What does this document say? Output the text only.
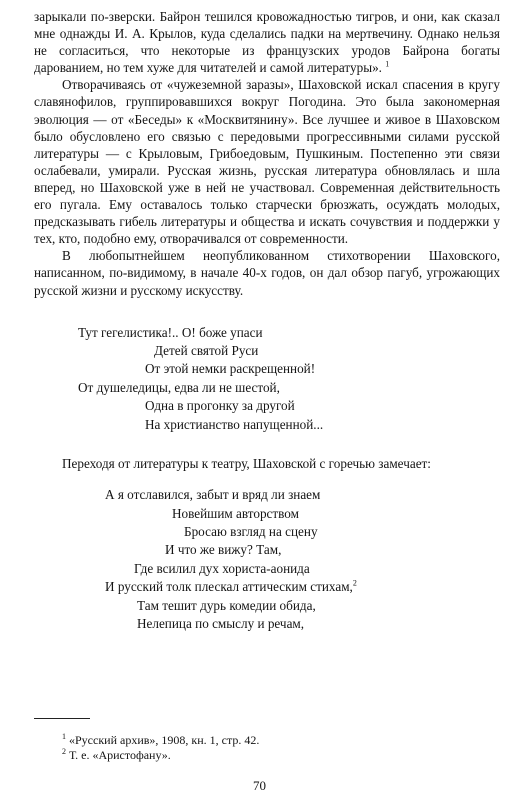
зарыкали по-зверски. Байрон тешился кровожадностью тигров, и они, как сказал мне однажды И. А. Крылов, куда сделались падки на мертвечину. Однако нельзя не согласиться, что некоторые из французских уродов Байрона богаты дарованием, но тем хуже для читателей и самой литературы». $^1$

Отворачиваясь от «чужеземной заразы», Шаховской искал спасения в кругу славянофилов, группировавшихся вокруг Погодина. Это была закономерная эволюция — от «Беседы» к «Москвитянину». Все лучшее и живое в Шаховском было обусловлено его связью с передовыми прогрессивными силами русской литературы — с Крыловым, Грибоедовым, Пушкиным. Постепенно эти связи ослабевали, умирали. Русская жизнь, русская литература обновлялась и шла вперед, но Шаховской уже в ней не участвовал. Современная действительность его пугала. Ему оставалось только старчески брюзжать, осуждать молодых, предсказывать гибель литературы и общества и искать сочувствия и поддержки у тех, кто, подобно ему, отворачивался от современности.

В любопытнейшем неопубликованном стихотворении Шаховского, написанном, по-видимому, в начале 40-х годов, он дал обзор пагуб, угрожающих русской жизни и русскому искусству.

Тут гегелистика!.. О! боже упаси
Детей святой Руси
От этой немки раскрещенной!
От душеледицы, едва ли не шестой,
Одна в прогонку за другой
На христианство напущенной...

Переходя от литературы к театру, Шаховской с горечью замечает:

А я отславился, забыт и вряд ли знаем
Новейшим авторством
Бросаю взгляд на сцену
И что же вижу? Там,
Где всилил дух хориста-аонида
И русский толк плескал аттическим стихам,$^2$
Там тешит дурь комедии обида,
Нелепица по смыслу и речам,
$^1$ «Русский архив», 1908, кн. 1, стр. 42.
$^2$ Т. е. «Аристофану».
70
